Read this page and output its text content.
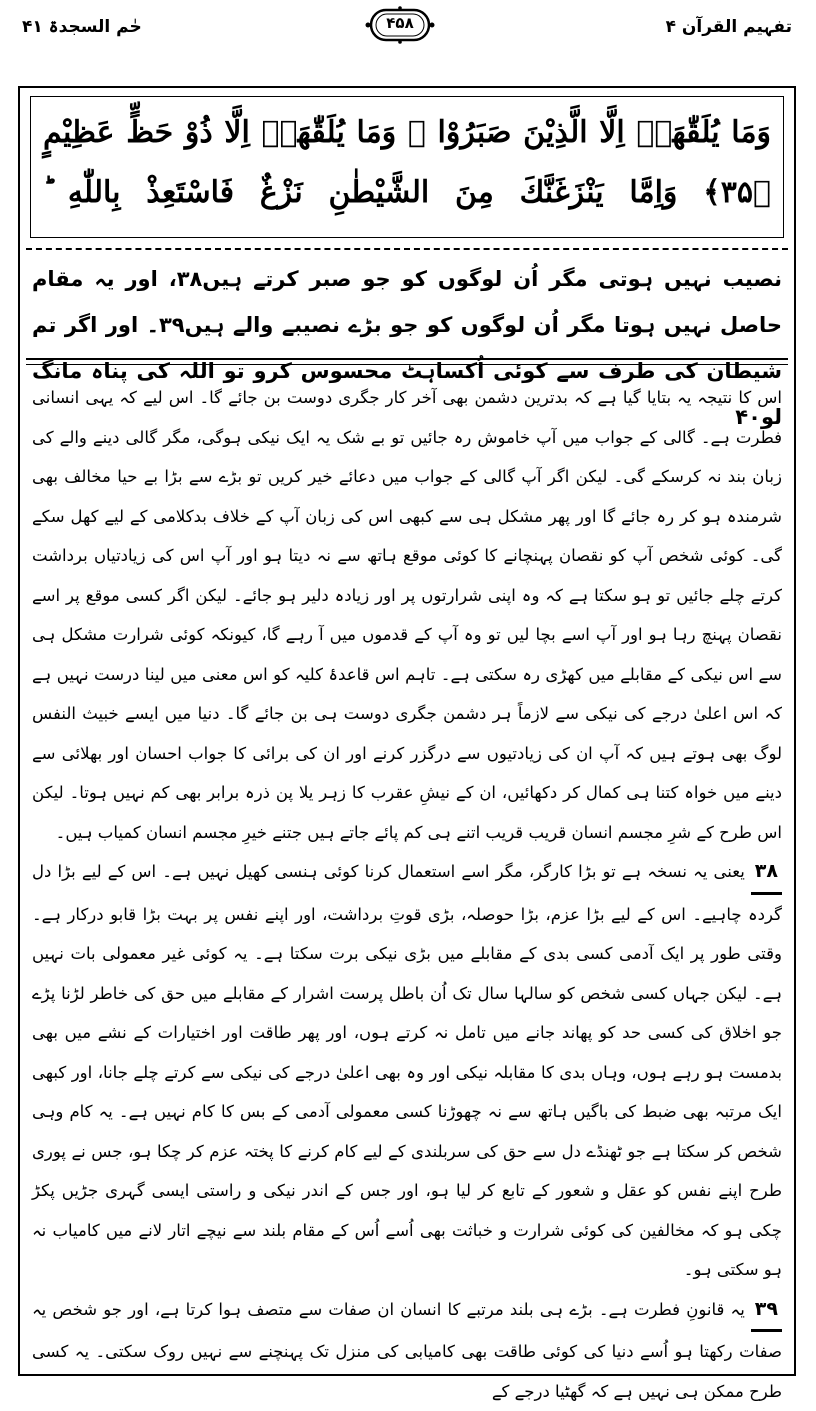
حٰم السجدۃ ۴۱	۴۵۸	تفہیم القرآن ۴
وَمَا يُلَقّٰهَاۤ اِلَّا الَّذِيْنَ صَبَرُوْا ۚ وَمَا يُلَقّٰهَاۤ اِلَّا ذُوْ حَظٍّ عَظِيْمٍ ﴿۳۵﴾ وَاِمَّا يَنْزَغَنَّكَ مِنَ الشَّيْطٰنِ نَزْغٌ فَاسْتَعِذْ بِاللّٰهِ ؕ
نصیب نہیں ہوتی مگر اُن لوگوں کو جو صبر کرتے ہیں۳۸، اور یہ مقام حاصل نہیں ہوتا مگر اُن لوگوں کو جو بڑے نصیبے والے ہیں۳۹۔ اور اگر تم شیطان کی طرف سے کوئی اُکساہٹ محسوس کرو تو اللہ کی پناہ مانگ لو۴۰

اس کا نتیجہ یہ بتایا گیا ہے کہ بدترین دشمن بھی آخر کار جگری دوست بن جائے گا۔ اس لیے کہ یہی انسانی فطرت ہے۔ گالی کے جواب میں آپ خاموش رہ جائیں تو بے شک یہ ایک نیکی ہوگی، مگر گالی دینے والے کی زبان بند نہ کرسکے گی۔ لیکن اگر آپ گالی کے جواب میں دعائے خیر کریں تو بڑے سے بڑا بے حیا مخالف بھی شرمندہ ہو کر رہ جائے گا اور پھر مشکل ہی سے کبھی اس کی زبان آپ کے خلاف بدکلامی کے لیے کھل سکے گی۔ کوئی شخص آپ کو نقصان پہنچانے کا کوئی موقع ہاتھ سے نہ دیتا ہو اور آپ اس کی زیادتیاں برداشت کرتے چلے جائیں تو ہو سکتا ہے کہ وہ اپنی شرارتوں پر اور زیادہ دلیر ہو جائے۔ لیکن اگر کسی موقع پر اسے نقصان پہنچ رہا ہو اور آپ اسے بچا لیں تو وہ آپ کے قدموں میں آ رہے گا، کیونکہ کوئی شرارت مشکل ہی سے اس نیکی کے مقابلے میں کھڑی رہ سکتی ہے۔ تاہم اس قاعدۂ کلیہ کو اس معنی میں لینا درست نہیں ہے کہ اس اعلیٰ درجے کی نیکی سے لازماً ہر دشمن جگری دوست ہی بن جائے گا۔ دنیا میں ایسے خبیث النفس لوگ بھی ہوتے ہیں کہ آپ ان کی زیادتیوں سے درگزر کرنے اور ان کی برائی کا جواب احسان اور بھلائی سے دینے میں خواہ کتنا ہی کمال کر دکھائیں، ان کے نیشِ عقرب کا زہر یلا پن ذرہ برابر بھی کم نہیں ہوتا۔ لیکن اس طرح کے شرِ مجسم انسان قریب قریب اتنے ہی کم پائے جاتے ہیں جتنے خیرِ مجسم انسان کمیاب ہیں۔

۳۸یعنی یہ نسخہ ہے تو بڑا کارگر، مگر اسے استعمال کرنا کوئی ہنسی کھیل نہیں ہے۔ اس کے لیے بڑا دل گردہ چاہیے۔ اس کے لیے بڑا عزم، بڑا حوصلہ، بڑی قوتِ برداشت، اور اپنے نفس پر بہت بڑا قابو درکار ہے۔ وقتی طور پر ایک آدمی کسی بدی کے مقابلے میں بڑی نیکی برت سکتا ہے۔ یہ کوئی غیر معمولی بات نہیں ہے۔ لیکن جہاں کسی شخص کو سالہا سال تک اُن باطل پرست اشرار کے مقابلے میں حق کی خاطر لڑنا پڑے جو اخلاق کی کسی حد کو پھاند جانے میں تامل نہ کرتے ہوں، اور پھر طاقت اور اختیارات کے نشے میں بھی بدمست ہو رہے ہوں، وہاں بدی کا مقابلہ نیکی اور وہ بھی اعلیٰ درجے کی نیکی سے کرتے چلے جانا، اور کبھی ایک مرتبہ بھی ضبط کی باگیں ہاتھ سے نہ چھوڑنا کسی معمولی آدمی کے بس کا کام نہیں ہے۔ یہ کام وہی شخص کر سکتا ہے جو ٹھنڈے دل سے حق کی سربلندی کے لیے کام کرنے کا پختہ عزم کر چکا ہو، جس نے پوری طرح اپنے نفس کو عقل و شعور کے تابع کر لیا ہو، اور جس کے اندر نیکی و راستی ایسی گہری جڑیں پکڑ چکی ہو کہ مخالفین کی کوئی شرارت و خباثت بھی اُسے اُس کے مقام بلند سے نیچے اتار لانے میں کامیاب نہ ہو سکتی ہو۔

۳۹یہ قانونِ فطرت ہے۔ بڑے ہی بلند مرتبے کا انسان ان صفات سے متصف ہوا کرتا ہے، اور جو شخص یہ صفات رکھتا ہو اُسے دنیا کی کوئی طاقت بھی کامیابی کی منزل تک پہنچنے سے نہیں روک سکتی۔ یہ کسی طرح ممکن ہی نہیں ہے کہ گھٹیا درجے کے
